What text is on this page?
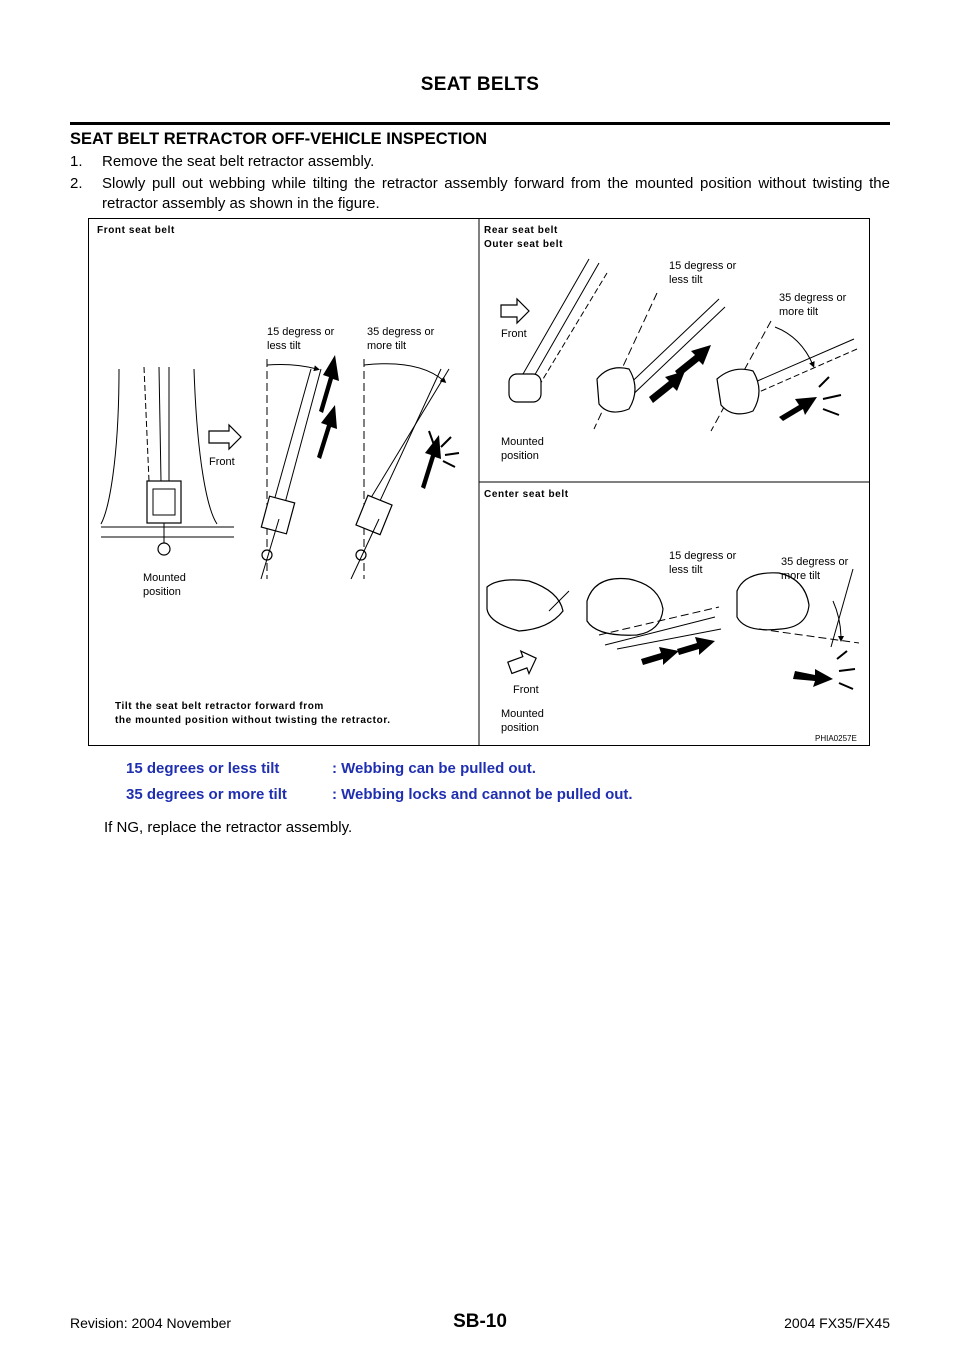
SEAT BELTS
SEAT BELT RETRACTOR OFF-VEHICLE INSPECTION
1. Remove the seat belt retractor assembly.
2. Slowly pull out webbing while tilting the retractor assembly forward from the mounted position without twisting the retractor assembly as shown in the figure.
Front seat belt
Front
Mounted
position
15 degress or
less tilt
35 degress or
more tilt
Tilt the seat belt retractor forward from
the mounted position without twisting the retractor.
Rear seat belt
Outer seat belt
Front
Mounted
position
15 degress or
less tilt
35 degress or
more tilt
Center seat belt
Front
Mounted
position
15 degress or
less tilt
35 degress or
more tilt
PHIA0257E
15 degrees or less tilt	: Webbing can be pulled out.
35 degrees or more tilt	: Webbing locks and cannot be pulled out.
If NG, replace the retractor assembly.
Revision: 2004 November	SB-10	2004 FX35/FX45
